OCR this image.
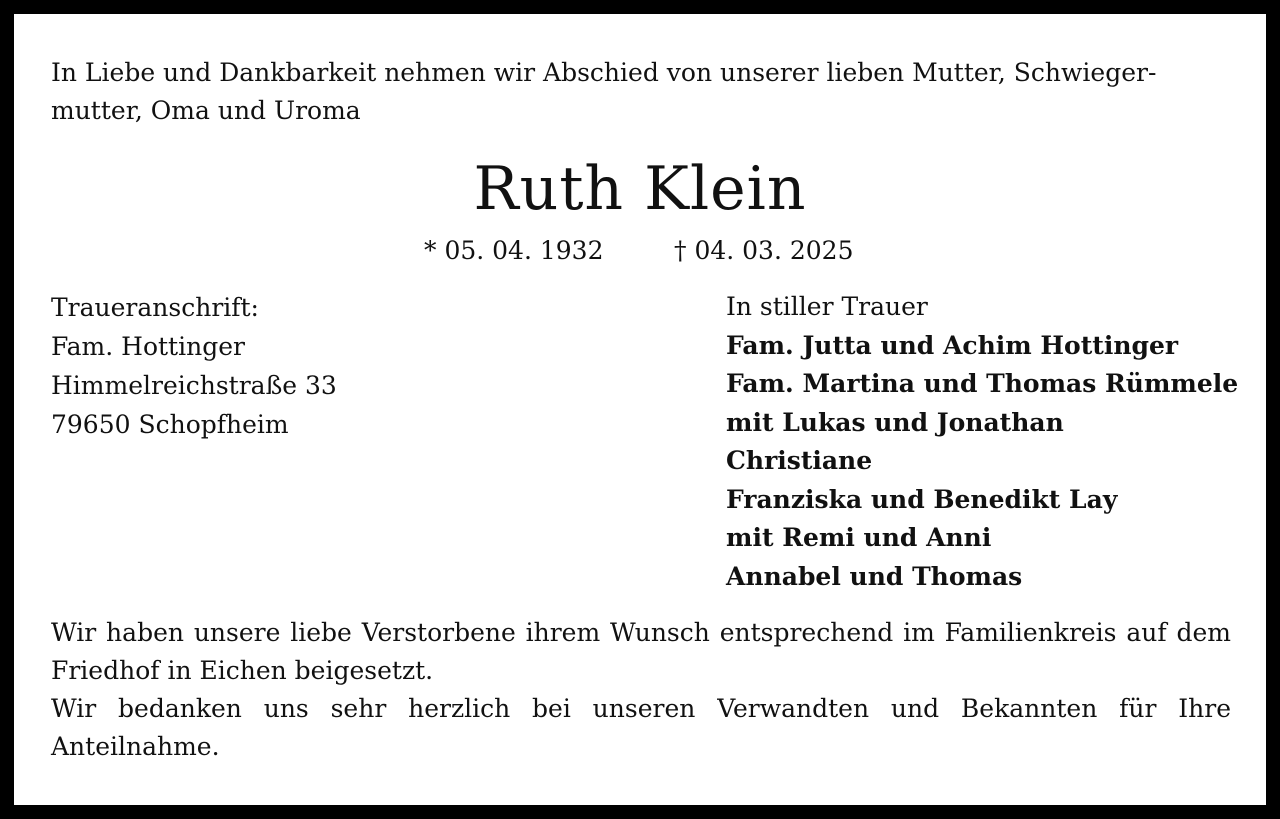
In Liebe und Dankbarkeit nehmen wir Abschied von unserer lieben Mutter, Schwieger-
mutter, Oma und Uroma
Ruth Klein
* 05. 04. 1932	† 04. 03. 2025
Traueranschrift:
Fam. Hottinger
Himmelreichstraße 33
79650 Schopfheim
In stiller Trauer
Fam. Jutta und Achim Hottinger
Fam. Martina und Thomas Rümmele
mit Lukas und Jonathan
Christiane
Franziska und Benedikt Lay
mit Remi und Anni
Annabel und Thomas

Wir haben unsere liebe Verstorbene ihrem Wunsch entsprechend im Familienkreis auf dem Friedhof in Eichen beigesetzt.

Wir bedanken uns sehr herzlich bei unseren Verwandten und Bekannten für Ihre Anteilnahme.
